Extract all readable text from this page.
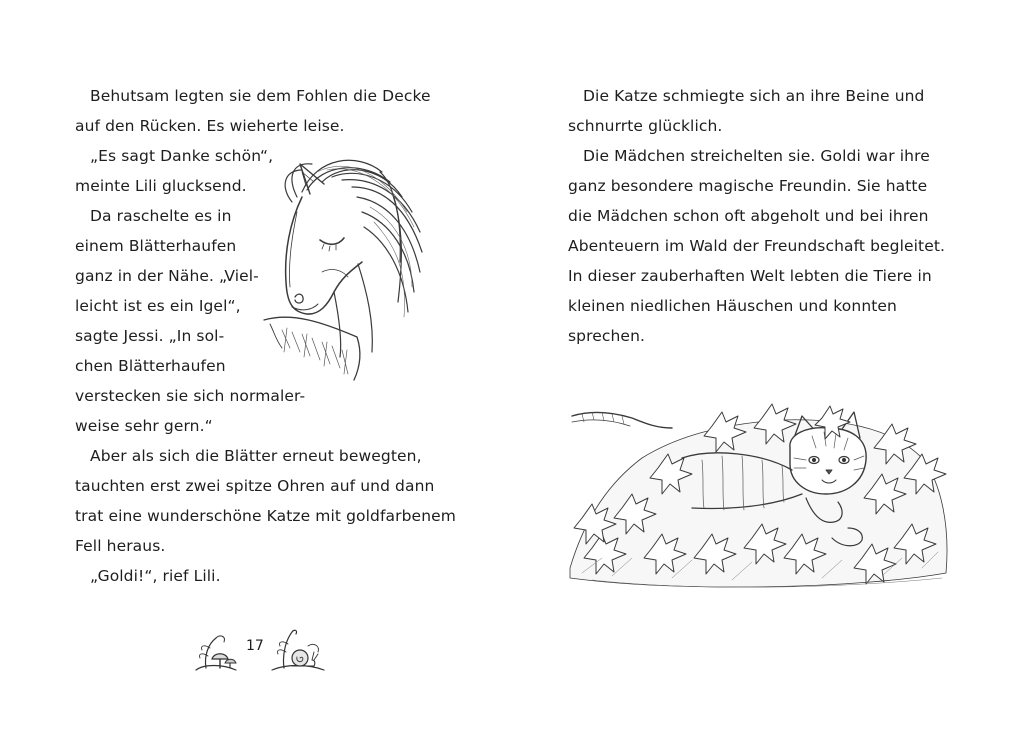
Behutsam legten sie dem Fohlen die Decke
auf den Rücken. Es wieherte leise.
„Es sagt Danke schön“,
meinte Lili glucksend.
Da raschelte es in
einem Blätterhaufen
ganz in der Nähe. „Viel-
leicht ist es ein Igel“,
sagte Jessi. „In sol-
chen Blätterhaufen
verstecken sie sich normaler-
weise sehr gern.“
Aber als sich die Blätter erneut bewegten,
tauchten erst zwei spitze Ohren auf und dann
trat eine wunderschöne Katze mit goldfarbenem
Fell heraus.
„Goldi!“, rief Lili.
17
Die Katze schmiegte sich an ihre Beine und
schnurrte glücklich.
Die Mädchen streichelten sie. Goldi war ihre
ganz besondere magische Freundin. Sie hatte
die Mädchen schon oft abgeholt und bei ihren
Abenteuern im Wald der Freundschaft begleitet.
In dieser zauberhaften Welt lebten die Tiere in
kleinen niedlichen Häuschen und konnten
sprechen.
